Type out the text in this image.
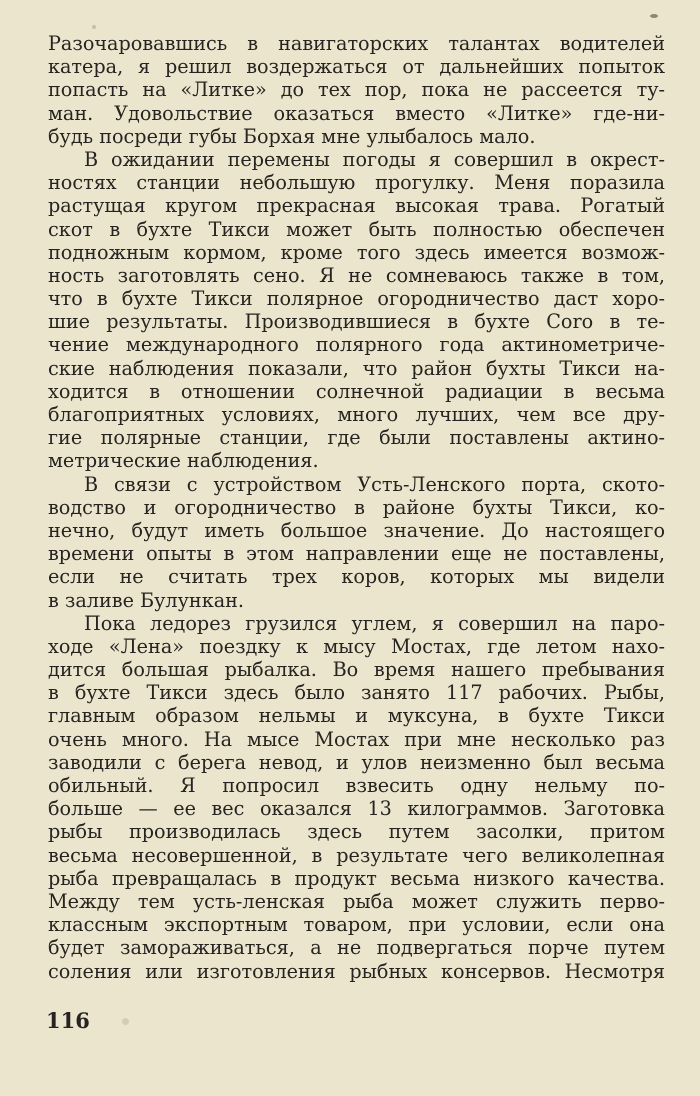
Разочаровавшись в навигаторских талантах водителей
катера, я решил воздержаться от дальнейших попыток
попасть на «Литке» до тех пор, пока не рассеется ту-
ман. Удовольствие оказаться вместо «Литке» где-ни-
будь посреди губы Борхая мне улыбалось мало.
В ожидании перемены погоды я совершил в окрест-
ностях станции небольшую прогулку. Меня поразила
растущая кругом прекрасная высокая трава. Рогатый
скот в бухте Тикси может быть полностью обеспечен
подножным кормом, кроме того здесь имеется возмож-
ность заготовлять сено. Я не сомневаюсь также в том,
что в бухте Тикси полярное огородничество даст хоро-
шие результаты. Производившиеся в бухте Соrо в те-
чение международного полярного года актинометриче-
ские наблюдения показали, что район бухты Тикси на-
ходится в отношении солнечной радиации в весьма
благоприятных условиях, много лучших, чем все дру-
гие полярные станции, где были поставлены актино-
метрические наблюдения.
В связи с устройством Усть-Ленского порта, ското-
водство и огородничество в районе бухты Тикси, ко-
нечно, будут иметь большое значение. До настоящего
времени опыты в этом направлении еще не поставлены,
если не считать трех коров, которых мы видели
в заливе Булункан.
Пока ледорез грузился углем, я совершил на паро-
ходе «Лена» поездку к мысу Мостах, где летом нахо-
дится большая рыбалка. Во время нашего пребывания
в бухте Тикси здесь было занято 117 рабочих. Рыбы,
главным образом нельмы и муксуна, в бухте Тикси
очень много. На мысе Мостах при мне несколько раз
заводили с берега невод, и улов неизменно был весьма
обильный. Я попросил взвесить одну нельму по-
больше — ее вес оказался 13 килограммов. Заготовка
рыбы производилась здесь путем засолки, притом
весьма несовершенной, в результате чего великолепная
рыба превращалась в продукт весьма низкого качества.
Между тем усть-ленская рыба может служить перво-
классным экспортным товаром, при условии, если она
будет замораживаться, а не подвергаться порче путем
соления или изготовления рыбных консервов. Несмотря
116
